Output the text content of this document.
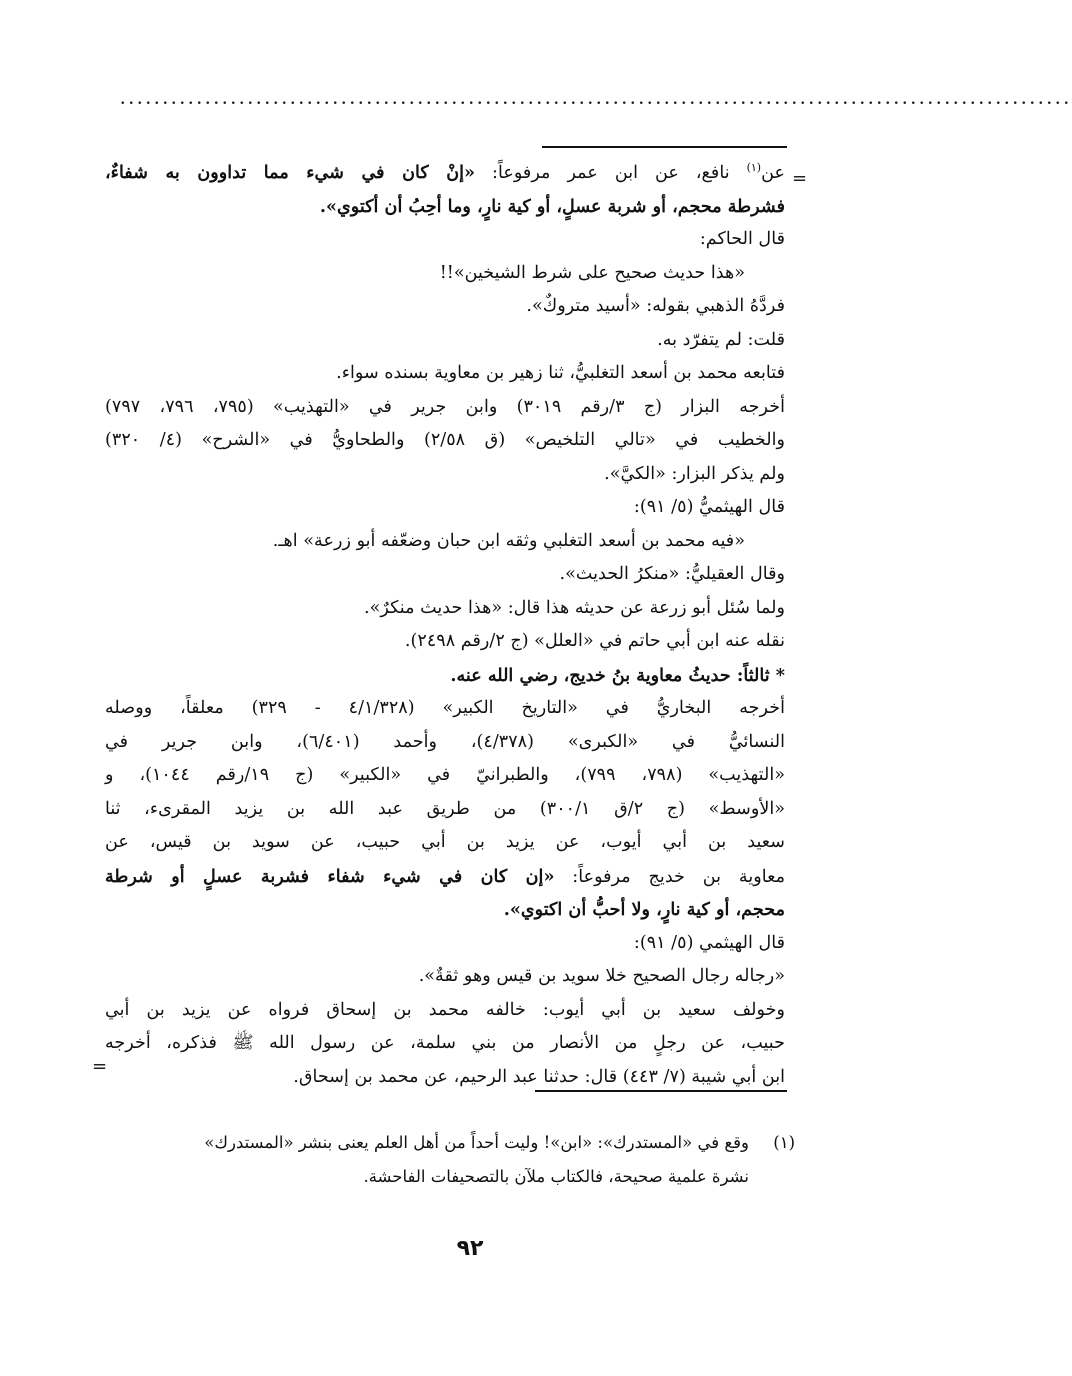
................................................................................................................
=
=
عن$^{(١)}$ نافع، عن ابن عمر مرفوعاً: «إنْ كان في شيء مما تداوون به شفاءٌ،
فشرطة محجم، أو شربة عسلٍ، أو كية نارٍ، وما أحِبُ أن أكتوي».
قال الحاكم:
«هذا حديث صحيح على شرط الشيخين»!!
فردَّهُ الذهبي بقوله: «أسيد متروكٌ».
قلت: لم يتفرّد به.
فتابعه محمد بن أسعد التغلبيُّ، ثنا زهير بن معاوية بسنده سواء.
أخرجه البزار (ج ٣/رقم ٣٠١٩) وابن جرير في «التهذيب» (٧٩٥، ٧٩٦، ٧٩٧)
والخطيب في «تالي التلخيص» (ق ٢/٥٨) والطحاويُّ في «الشرح» (٤/ ٣٢٠)
ولم يذكر البزار: «الكيَّ».
قال الهيثميُّ (٥/ ٩١):
«فيه محمد بن أسعد التغلبي وثقه ابن حبان وضعّفه أبو زرعة» اهـ.
وقال العقيليُّ: «منكرُ الحديث».
ولما سُئل أبو زرعة عن حديثه هذا قال: «هذا حديث منكرٌ».
نقله عنه ابن أبي حاتم في «العلل» (ج ٢/رقم ٢٤٩٨).
* ثالثاً: حديثُ معاوية بنُ خديج، رضي الله عنه.
أخرجه البخاريُّ في «التاريخ الكبير» (٤/١/٣٢٨ - ٣٢٩) معلقاً، ووصله
النسائيُّ في «الكبرى» (٤/٣٧٨)، وأحمد (٦/٤٠١)، وابن جرير في
«التهذيب» (٧٩٨، ٧٩٩)، والطبرانيّ في «الكبير» (ج ١٩/رقم ١٠٤٤)، و
«الأوسط» (ج ٢/ق ٣٠٠/١) من طريق عبد الله بن يزيد المقرىء، ثنا
سعيد بن أبي أيوب، عن يزيد بن أبي حبيب، عن سويد بن قيس، عن
معاوية بن خديج مرفوعاً: «إن كان في شيء شفاء فشربة عسلٍ أو شرطة
محجم، أو كية نارٍ، ولا أحبُّ أن اكتوي».
قال الهيثمي (٥/ ٩١):
«رجاله رجال الصحيح خلا سويد بن قيس وهو ثقةٌ».
وخولف سعيد بن أبي أيوب: خالفه محمد بن إسحاق فرواه عن يزيد بن أبي
حبيب، عن رجلٍ من الأنصار من بني سلمة، عن رسول الله ﷺ فذكره، أخرجه
ابن أبي شيبة (٧/ ٤٤٣) قال: حدثنا عبد الرحيم، عن محمد بن إسحاق.
(١)وقع في «المستدرك»: «ابن»! وليت أحداً من أهل العلم يعنى بنشر «المستدرك»
نشرة علمية صحيحة، فالكتاب ملآن بالتصحيفات الفاحشة.
٩٢
